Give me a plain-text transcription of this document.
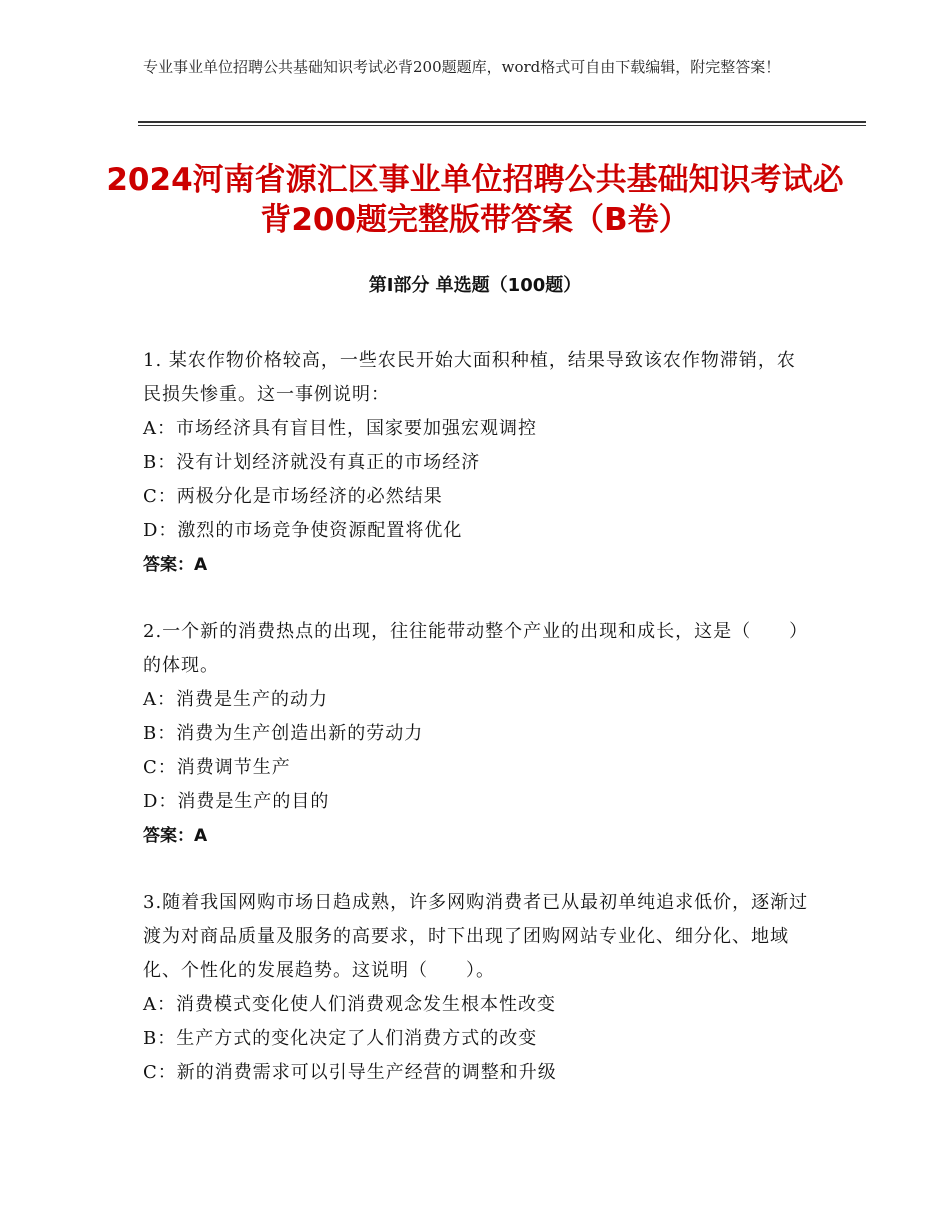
专业事业单位招聘公共基础知识考试必背200题题库，word格式可自由下载编辑，附完整答案！
2024河南省源汇区事业单位招聘公共基础知识考试必背200题完整版带答案（B卷）
第Ⅰ部分 单选题（100题）

1. 某农作物价格较高，一些农民开始大面积种植，结果导致该农作物滞销，农民损失惨重。这一事例说明：

A：市场经济具有盲目性，国家要加强宏观调控

B：没有计划经济就没有真正的市场经济

C：两极分化是市场经济的必然结果

D：激烈的市场竞争使资源配置将优化

答案：A

2.一个新的消费热点的出现，往往能带动整个产业的出现和成长，这是（　　）的体现。

A：消费是生产的动力

B：消费为生产创造出新的劳动力

C：消费调节生产

D：消费是生产的目的

答案：A

3.随着我国网购市场日趋成熟，许多网购消费者已从最初单纯追求低价，逐渐过渡为对商品质量及服务的高要求，时下出现了团购网站专业化、细分化、地域化、个性化的发展趋势。这说明（　　）。

A：消费模式变化使人们消费观念发生根本性改变

B：生产方式的变化决定了人们消费方式的改变

C：新的消费需求可以引导生产经营的调整和升级
